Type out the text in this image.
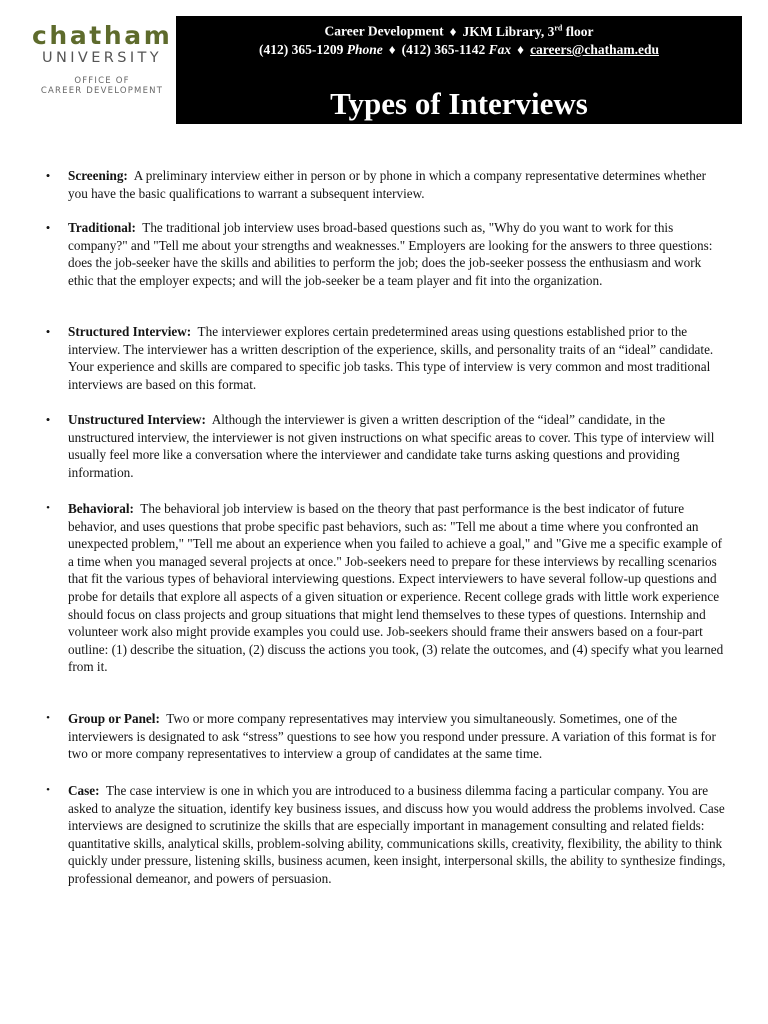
chatham
UNIVERSITY
OFFICE OF
CAREER DEVELOPMENT
Career Development ♦ JKM Library, 3rd floor
(412) 365-1209 Phone ♦ (412) 365-1142 Fax ♦ careers@chatham.edu
Types of Interviews
•	Screening: A preliminary interview either in person or by phone in which a company representative determines whether you have the basic qualifications to warrant a subsequent interview.

•	Traditional: The traditional job interview uses broad-based questions such as, "Why do you want to work for this company?" and "Tell me about your strengths and weaknesses." Employers are looking for the answers to three questions: does the job-seeker have the skills and abilities to perform the job; does the job-seeker possess the enthusiasm and work ethic that the employer expects; and will the job-seeker be a team player and fit into the organization.

•	Structured Interview: The interviewer explores certain predetermined areas using questions established prior to the interview. The interviewer has a written description of the experience, skills, and personality traits of an “ideal” candidate. Your experience and skills are compared to specific job tasks. This type of interview is very common and most traditional interviews are based on this format.

•	Unstructured Interview: Although the interviewer is given a written description of the “ideal” candidate, in the unstructured interview, the interviewer is not given instructions on what specific areas to cover. This type of interview will usually feel more like a conversation where the interviewer and candidate take turns asking questions and providing information.

•	Behavioral: The behavioral job interview is based on the theory that past performance is the best indicator of future behavior, and uses questions that probe specific past behaviors, such as: "Tell me about a time where you confronted an unexpected problem," "Tell me about an experience when you failed to achieve a goal," and "Give me a specific example of a time when you managed several projects at once." Job-seekers need to prepare for these interviews by recalling scenarios that fit the various types of behavioral interviewing questions. Expect interviewers to have several follow-up questions and probe for details that explore all aspects of a given situation or experience. Recent college grads with little work experience should focus on class projects and group situations that might lend themselves to these types of questions. Internship and volunteer work also might provide examples you could use. Job-seekers should frame their answers based on a four-part outline: (1) describe the situation, (2) discuss the actions you took, (3) relate the outcomes, and (4) specify what you learned from it.

•	Group or Panel: Two or more company representatives may interview you simultaneously. Sometimes, one of the interviewers is designated to ask “stress” questions to see how you respond under pressure. A variation of this format is for two or more company representatives to interview a group of candidates at the same time.

•	Case: The case interview is one in which you are introduced to a business dilemma facing a particular company. You are asked to analyze the situation, identify key business issues, and discuss how you would address the problems involved. Case interviews are designed to scrutinize the skills that are especially important in management consulting and related fields: quantitative skills, analytical skills, problem-solving ability, communications skills, creativity, flexibility, the ability to think quickly under pressure, listening skills, business acumen, keen insight, interpersonal skills, the ability to synthesize findings, professional demeanor, and powers of persuasion.
